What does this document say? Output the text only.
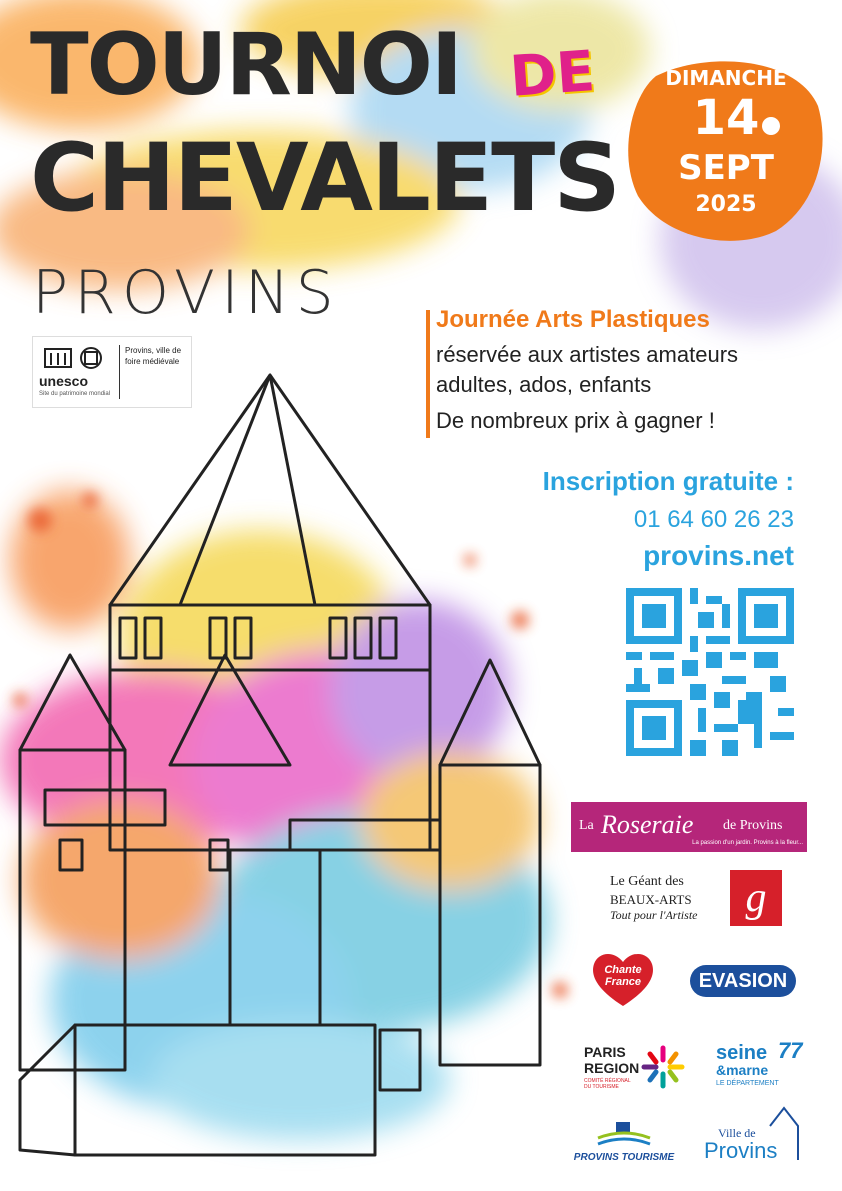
TOURNOI DE
CHEVALETS
PROVINS
unesco
Site du patrimoine mondial
Provins, ville de foire médiévale
DIMANCHE
14
SEPT
2025
Journée Arts Plastiques
réservée aux artistes amateurs
adultes, ados, enfants
De nombreux prix à gagner !
Inscription gratuite :
01 64 60 26 23
provins.net
La Roseraie de Provins
La passion d'un jardin. Provins à la fleur...
Le Géant des
BEAUX-ARTS
Tout pour l'Artiste	g
Chante France	EVASION
PARIS
REGION
COMITÉ RÉGIONAL DU TOURISME
seine
&marne
LE DÉPARTEMENT
77
PROVINS TOURISME
Ville de
Provins
